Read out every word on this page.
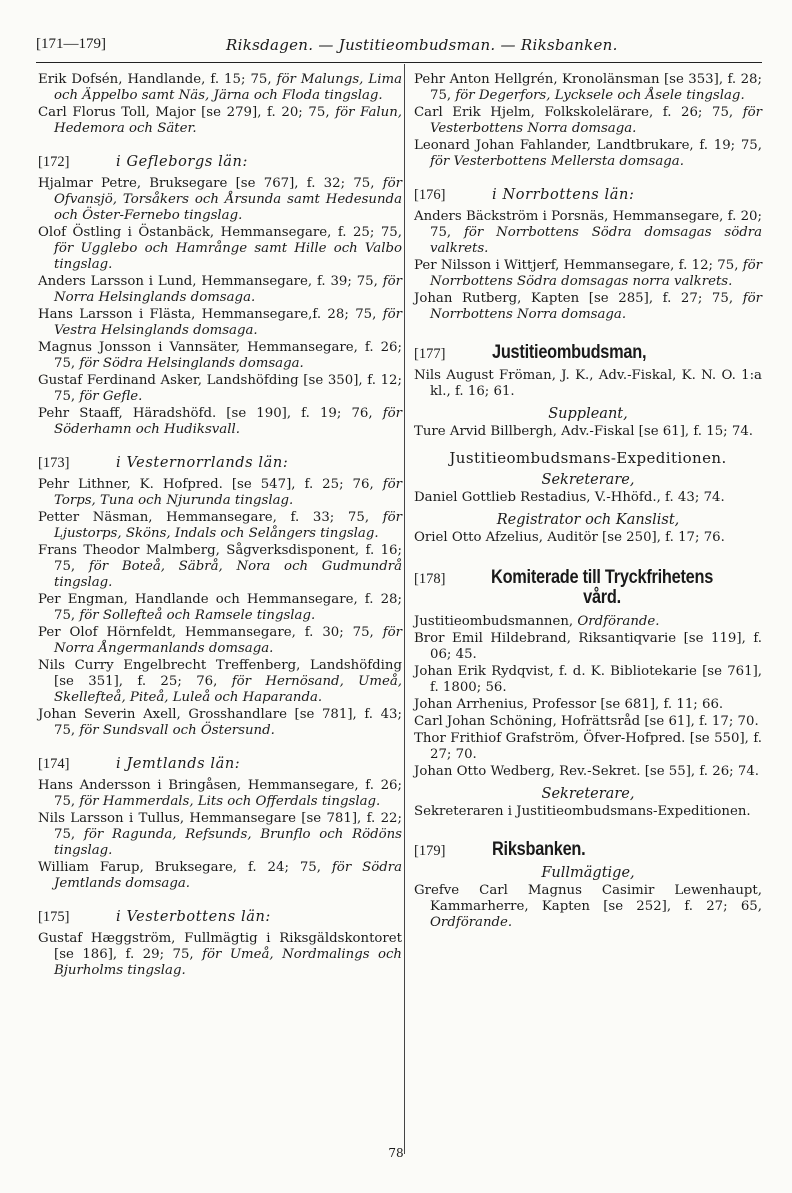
[171—179]	Riksdagen. — Justitieombudsman. — Riksbanken.
Erik Dofsén, Handlande, f. 15; 75, för Malungs, Lima och Äppelbo samt Näs, Järna och Floda tingslag.
Carl Florus Toll, Major [se 279], f. 20; 75, för Falun, Hedemora och Säter.
[172]	i Gefleborgs län:
Hjalmar Petre, Bruksegare [se 767], f. 32; 75, för Ofvansjö, Torsåkers och Årsunda samt Hedesunda och Öster-Fernebo tingslag.
Olof Östling i Östanbäck, Hemmansegare, f. 25; 75, för Ugglebo och Hamrånge samt Hille och Valbo tingslag.
Anders Larsson i Lund, Hemmansegare, f. 39; 75, för Norra Helsinglands domsaga.
Hans Larsson i Flästa, Hemmansegare,f. 28; 75, för Vestra Helsinglands domsaga.
Magnus Jonsson i Vannsäter, Hemmansegare, f. 26; 75, för Södra Helsinglands domsaga.
Gustaf Ferdinand Asker, Landshöfding [se 350], f. 12; 75, för Gefle.
Pehr Staaff, Häradshöfd. [se 190], f. 19; 76, för Söderhamn och Hudiksvall.
[173]	i Vesternorrlands län:
Pehr Lithner, K. Hofpred. [se 547], f. 25; 76, för Torps, Tuna och Njurunda tingslag.
Petter Näsman, Hemmansegare, f. 33; 75, för Ljustorps, Sköns, Indals och Selångers tingslag.
Frans Theodor Malmberg, Sågverksdisponent, f. 16; 75, för Boteå, Säbrå, Nora och Gudmundrå tingslag.
Per Engman, Handlande och Hemmansegare, f. 28; 75, för Sollefteå och Ramsele tingslag.
Per Olof Hörnfeldt, Hemmansegare, f. 30; 75, för Norra Ångermanlands domsaga.
Nils Curry Engelbrecht Treffenberg, Landshöfding [se 351], f. 25; 76, för Hernösand, Umeå, Skellefteå, Piteå, Luleå och Haparanda.
Johan Severin Axell, Grosshandlare [se 781], f. 43; 75, för Sundsvall och Östersund.
[174]	i Jemtlands län:
Hans Andersson i Bringåsen, Hemmansegare, f. 26; 75, för Hammerdals, Lits och Offerdals tingslag.
Nils Larsson i Tullus, Hemmansegare [se 781], f. 22; 75, för Ragunda, Refsunds, Brunflo och Rödöns tingslag.
William Farup, Bruksegare, f. 24; 75, för Södra Jemtlands domsaga.
[175]	i Vesterbottens län:
Gustaf Hæggström, Fullmägtig i Riksgäldskontoret [se 186], f. 29; 75, för Umeå, Nordmalings och Bjurholms tingslag.
Pehr Anton Hellgrén, Kronolänsman [se 353], f. 28; 75, för Degerfors, Lycksele och Åsele tingslag.
Carl Erik Hjelm, Folkskolelärare, f. 26; 75, för Vesterbottens Norra domsaga.
Leonard Johan Fahlander, Landtbrukare, f. 19; 75, för Vesterbottens Mellersta domsaga.
[176]	i Norrbottens län:
Anders Bäckström i Porsnäs, Hemmansegare, f. 20; 75, för Norrbottens Södra domsagas södra valkrets.
Per Nilsson i Wittjerf, Hemmansegare, f. 12; 75, för Norrbottens Södra domsagas norra valkrets.
Johan Rutberg, Kapten [se 285], f. 27; 75, för Norrbottens Norra domsaga.
[177]	Justitieombudsman,
Nils August Fröman, J. K., Adv.-Fiskal, K. N. O. 1:a kl., f. 16; 61.
Suppleant,
Ture Arvid Billbergh, Adv.-Fiskal [se 61], f. 15; 74.
Justitieombudsmans-Expeditionen.
Sekreterare,
Daniel Gottlieb Restadius, V.-Hhöfd., f. 43; 74.
Registrator och Kanslist,
Oriel Otto Afzelius, Auditör [se 250], f. 17; 76.
[178]	Komiterade till Tryckfrihetens vård.
Justitieombudsmannen, Ordförande.
Bror Emil Hildebrand, Riksantiqvarie [se 119], f. 06; 45.
Johan Erik Rydqvist, f. d. K. Bibliotekarie [se 761], f. 1800; 56.
Johan Arrhenius, Professor [se 681], f. 11; 66.
Carl Johan Schöning, Hofrättsråd [se 61], f. 17; 70.
Thor Frithiof Grafström, Öfver-Hofpred. [se 550], f. 27; 70.
Johan Otto Wedberg, Rev.-Sekret. [se 55], f. 26; 74.
Sekreterare,
Sekreteraren i Justitieombudsmans-Expeditionen.
[179]	Riksbanken.
Fullmägtige,
Grefve Carl Magnus Casimir Lewenhaupt, Kammarherre, Kapten [se 252], f. 27; 65, Ordförande.
78
